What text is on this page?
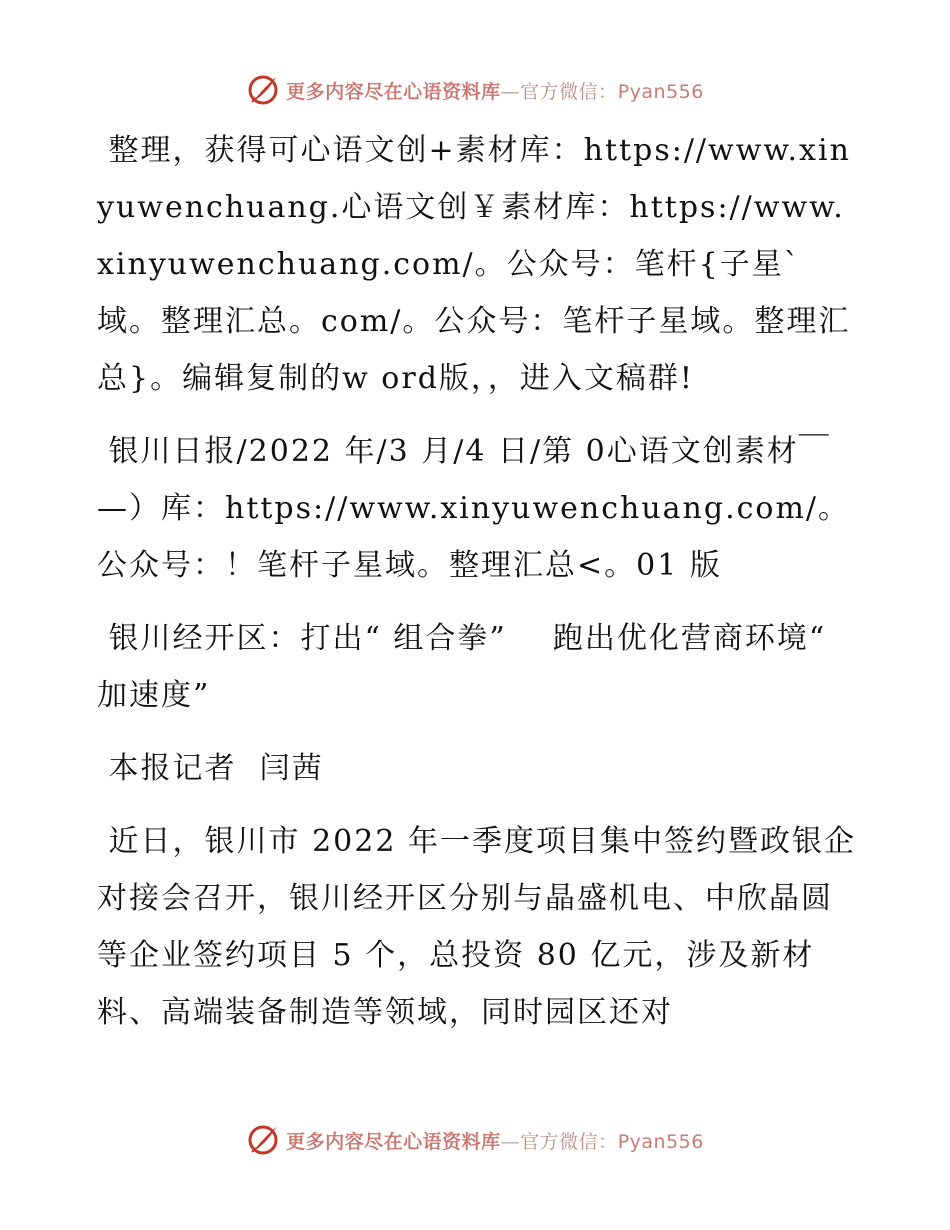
更多内容尽在心语资料库—官方微信：Pyan556

整理，获得可心语文创+素材库：https://www.xinyuwenchuang.心语文创￥素材库：https://www.xinyuwenchuang.com/。公众号：笔杆{子星`域。整理汇总。com/。公众号：笔杆子星域。整理汇总}。编辑复制的w ord版，，进入文稿群!

银川日报/2022 年/3 月/4 日/第 0心语文创素材￣—）库：https://www.xinyuwenchuang.com/。公众号：！笔杆子星域。整理汇总<。01 版

银川经开区：打出“ 组合拳”    跑出优化营商环境“ 加速度”

本报记者  闫茜

近日，银川市 2022 年一季度项目集中签约暨政银企对接会召开，银川经开区分别与晶盛机电、中欣晶圆等企业签约项目 5 个，总投资 80 亿元，涉及新材料、高端装备制造等领域，同时园区还对

更多内容尽在心语资料库—官方微信：Pyan556
